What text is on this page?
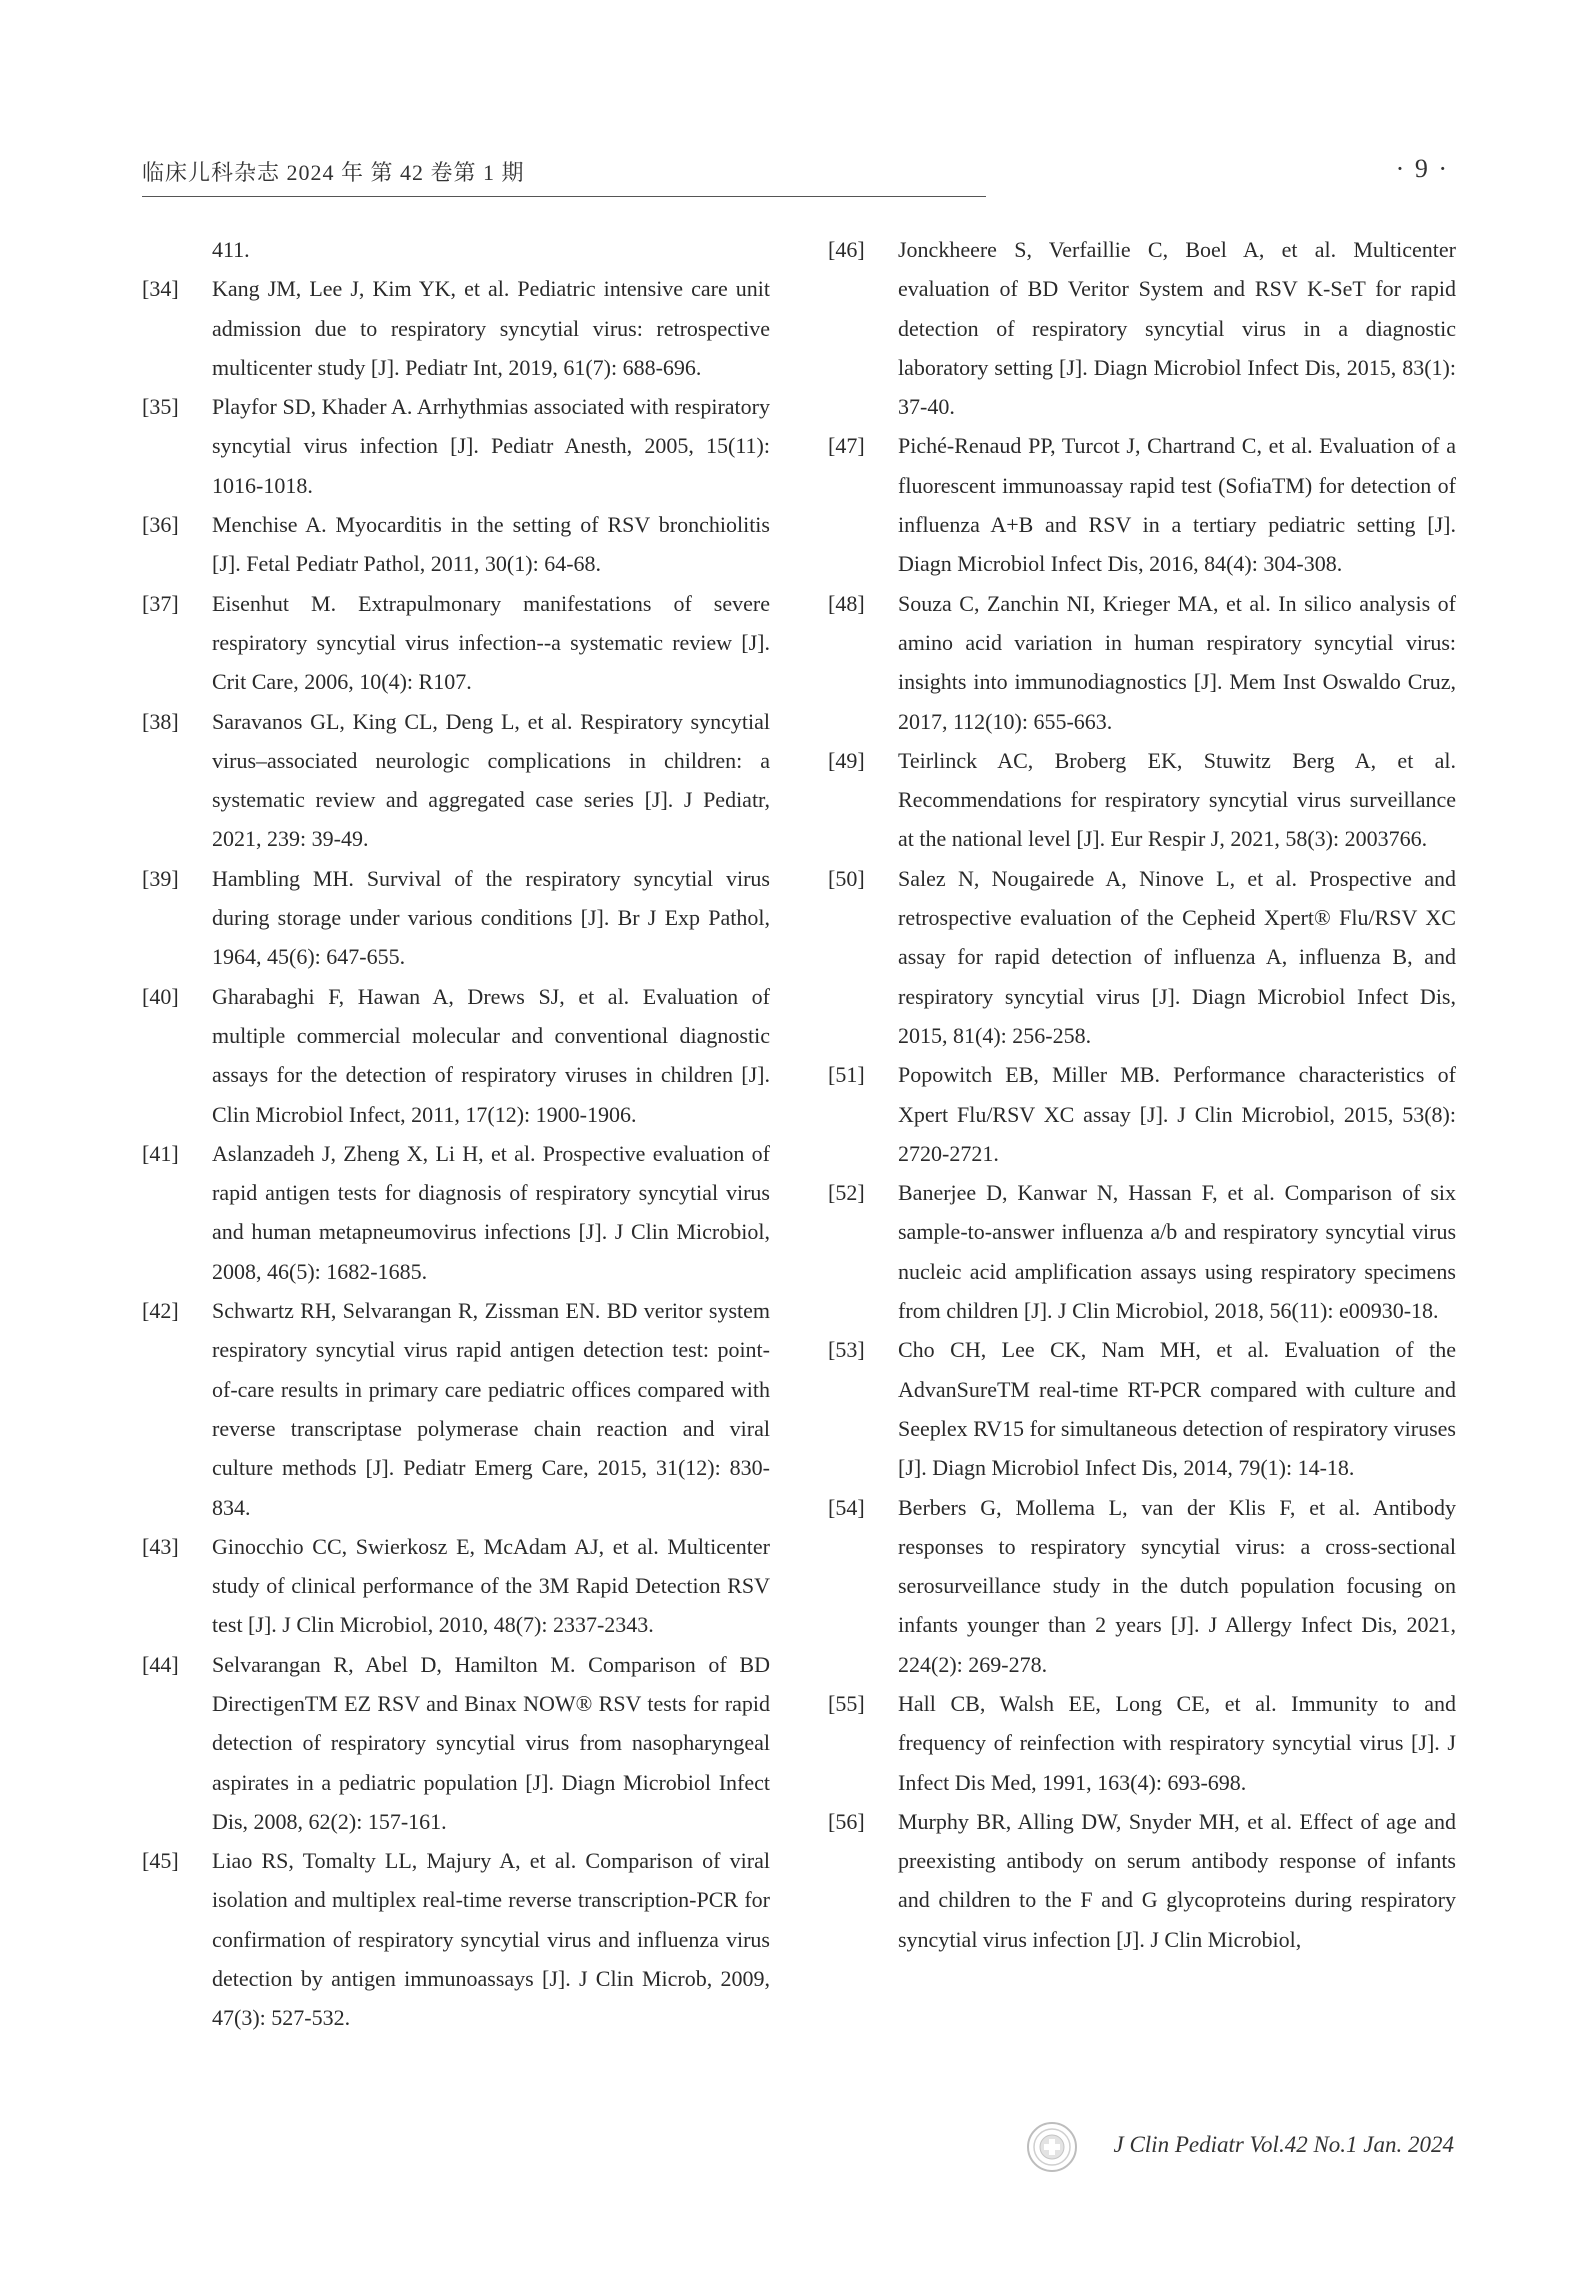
临床儿科杂志 2024 年 第 42 卷第 1 期	· 9 ·
411.
[34]	Kang JM, Lee J, Kim YK, et al. Pediatric intensive care unit admission due to respiratory syncytial virus: retrospective multicenter study [J]. Pediatr Int, 2019, 61(7): 688-696.
[35]	Playfor SD, Khader A. Arrhythmias associated with respiratory syncytial virus infection [J]. Pediatr Anesth, 2005, 15(11): 1016-1018.
[36]	Menchise A. Myocarditis in the setting of RSV bronchiolitis [J]. Fetal Pediatr Pathol, 2011, 30(1): 64-68.
[37]	Eisenhut M. Extrapulmonary manifestations of severe respiratory syncytial virus infection--a systematic review [J]. Crit Care, 2006, 10(4): R107.
[38]	Saravanos GL, King CL, Deng L, et al. Respiratory syncytial virus–associated neurologic complications in children: a systematic review and aggregated case series [J]. J Pediatr, 2021, 239: 39-49.
[39]	Hambling MH. Survival of the respiratory syncytial virus during storage under various conditions [J]. Br J Exp Pathol, 1964, 45(6): 647-655.
[40]	Gharabaghi F, Hawan A, Drews SJ, et al. Evaluation of multiple commercial molecular and conventional diagnostic assays for the detection of respiratory viruses in children [J]. Clin Microbiol Infect, 2011, 17(12): 1900-1906.
[41]	Aslanzadeh J, Zheng X, Li H, et al. Prospective evaluation of rapid antigen tests for diagnosis of respiratory syncytial virus and human metapneumovirus infections [J]. J Clin Microbiol, 2008, 46(5): 1682-1685.
[42]	Schwartz RH, Selvarangan R, Zissman EN. BD veritor system respiratory syncytial virus rapid antigen detection test: point-of-care results in primary care pediatric offices compared with reverse transcriptase polymerase chain reaction and viral culture methods [J]. Pediatr Emerg Care, 2015, 31(12): 830-834.
[43]	Ginocchio CC, Swierkosz E, McAdam AJ, et al. Multicenter study of clinical performance of the 3M Rapid Detection RSV test [J]. J Clin Microbiol, 2010, 48(7): 2337-2343.
[44]	Selvarangan R, Abel D, Hamilton M. Comparison of BD DirectigenTM EZ RSV and Binax NOW® RSV tests for rapid detection of respiratory syncytial virus from nasopharyngeal aspirates in a pediatric population [J]. Diagn Microbiol Infect Dis, 2008, 62(2): 157-161.
[45]	Liao RS, Tomalty LL, Majury A, et al. Comparison of viral isolation and multiplex real-time reverse transcription-PCR for confirmation of respiratory syncytial virus and influenza virus detection by antigen immunoassays [J]. J Clin Microb, 2009, 47(3): 527-532.
[46]	Jonckheere S, Verfaillie C, Boel A, et al. Multicenter evaluation of BD Veritor System and RSV K-SeT for rapid detection of respiratory syncytial virus in a diagnostic laboratory setting [J]. Diagn Microbiol Infect Dis, 2015, 83(1): 37-40.
[47]	Piché-Renaud PP, Turcot J, Chartrand C, et al. Evaluation of a fluorescent immunoassay rapid test (SofiaTM) for detection of influenza A+B and RSV in a tertiary pediatric setting [J]. Diagn Microbiol Infect Dis, 2016, 84(4): 304-308.
[48]	Souza C, Zanchin NI, Krieger MA, et al. In silico analysis of amino acid variation in human respiratory syncytial virus: insights into immunodiagnostics [J]. Mem Inst Oswaldo Cruz, 2017, 112(10): 655-663.
[49]	Teirlinck AC, Broberg EK, Stuwitz Berg A, et al. Recommendations for respiratory syncytial virus surveillance at the national level [J]. Eur Respir J, 2021, 58(3): 2003766.
[50]	Salez N, Nougairede A, Ninove L, et al. Prospective and retrospective evaluation of the Cepheid Xpert® Flu/RSV XC assay for rapid detection of influenza A, influenza B, and respiratory syncytial virus [J]. Diagn Microbiol Infect Dis, 2015, 81(4): 256-258.
[51]	Popowitch EB, Miller MB. Performance characteristics of Xpert Flu/RSV XC assay [J]. J Clin Microbiol, 2015, 53(8): 2720-2721.
[52]	Banerjee D, Kanwar N, Hassan F, et al. Comparison of six sample-to-answer influenza a/b and respiratory syncytial virus nucleic acid amplification assays using respiratory specimens from children [J]. J Clin Microbiol, 2018, 56(11): e00930-18.
[53]	Cho CH, Lee CK, Nam MH, et al. Evaluation of the AdvanSureTM real-time RT-PCR compared with culture and Seeplex RV15 for simultaneous detection of respiratory viruses [J]. Diagn Microbiol Infect Dis, 2014, 79(1): 14-18.
[54]	Berbers G, Mollema L, van der Klis F, et al. Antibody responses to respiratory syncytial virus: a cross-sectional serosurveillance study in the dutch population focusing on infants younger than 2 years [J]. J Allergy Infect Dis, 2021, 224(2): 269-278.
[55]	Hall CB, Walsh EE, Long CE, et al. Immunity to and frequency of reinfection with respiratory syncytial virus [J]. J Infect Dis Med, 1991, 163(4): 693-698.
[56]	Murphy BR, Alling DW, Snyder MH, et al. Effect of age and preexisting antibody on serum antibody response of infants and children to the F and G glycoproteins during respiratory syncytial virus infection [J]. J Clin Microbiol,
J Clin Pediatr Vol.42 No.1 Jan. 2024
